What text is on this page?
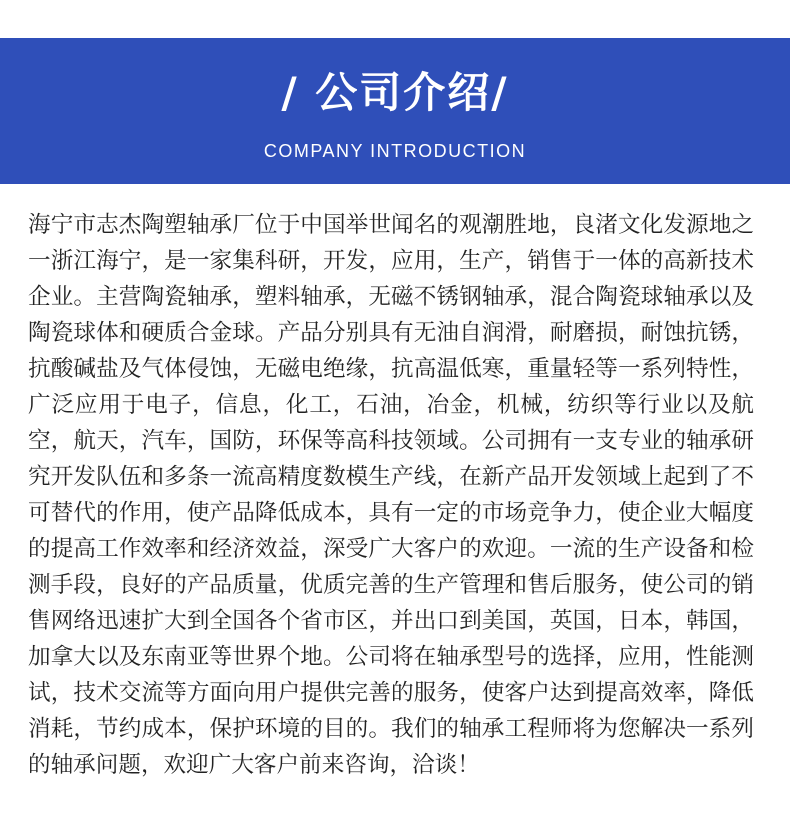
/ 公司介绍/
COMPANY INTRODUCTION

海宁市志杰陶塑轴承厂位于中国举世闻名的观潮胜地，良渚文化发源地之一浙江海宁，是一家集科研，开发，应用，生产，销售于一体的高新技术企业。主营陶瓷轴承，塑料轴承，无磁不锈钢轴承，混合陶瓷球轴承以及陶瓷球体和硬质合金球。产品分别具有无油自润滑，耐磨损，耐蚀抗锈，抗酸碱盐及气体侵蚀，无磁电绝缘，抗高温低寒，重量轻等一系列特性，广泛应用于电子，信息，化工，石油，冶金，机械，纺织等行业以及航空，航天，汽车，国防，环保等高科技领域。公司拥有一支专业的轴承研究开发队伍和多条一流高精度数模生产线，在新产品开发领域上起到了不可替代的作用，使产品降低成本，具有一定的市场竞争力，使企业大幅度的提高工作效率和经济效益，深受广大客户的欢迎。一流的生产设备和检测手段，良好的产品质量，优质完善的生产管理和售后服务，使公司的销售网络迅速扩大到全国各个省市区，并出口到美国，英国，日本，韩国，加拿大以及东南亚等世界个地。公司将在轴承型号的选择，应用，性能测试，技术交流等方面向用户提供完善的服务，使客户达到提高效率，降低消耗，节约成本，保护环境的目的。我们的轴承工程师将为您解决一系列的轴承问题，欢迎广大客户前来咨询，洽谈！
